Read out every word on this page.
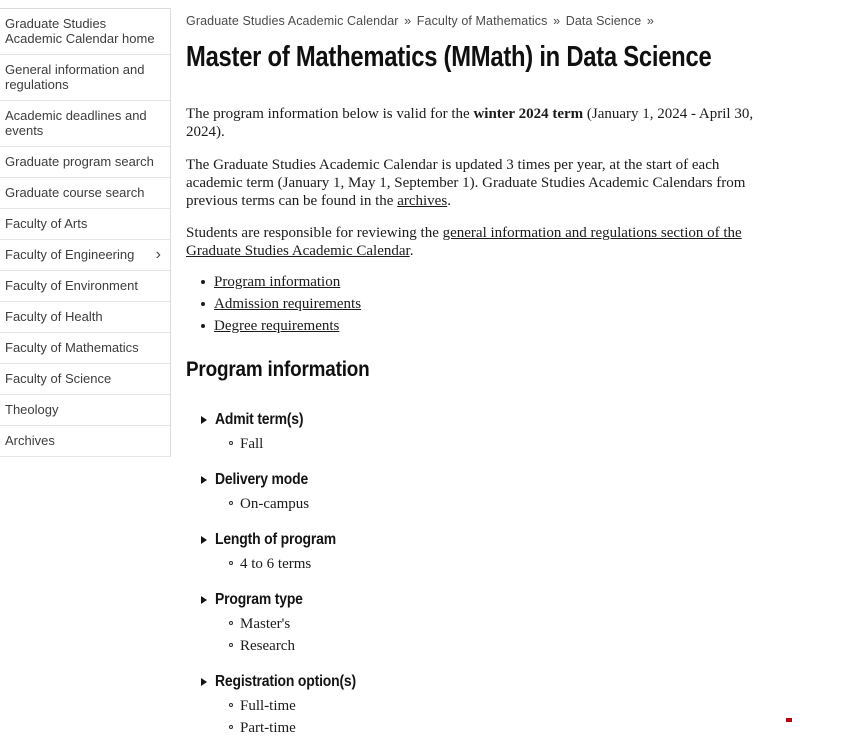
Graduate Studies Academic Calendar home
General information and regulations
Academic deadlines and events
Graduate program search
Graduate course search
Faculty of Arts
Faculty of Engineering ›
Faculty of Environment
Faculty of Health
Faculty of Mathematics
Faculty of Science
Theology
Archives
Graduate Studies Academic Calendar » Faculty of Mathematics » Data Science »
Master of Mathematics (MMath) in Data Science

The program information below is valid for the winter 2024 term (January 1, 2024 - April 30, 2024).

The Graduate Studies Academic Calendar is updated 3 times per year, at the start of each academic term (January 1, May 1, September 1). Graduate Studies Academic Calendars from previous terms can be found in the archives.

Students are responsible for reviewing the general information and regulations section of the Graduate Studies Academic Calendar.

Program information
Admission requirements
Degree requirements
Program information
Admit term(s)
Fall
Delivery mode
On-campus
Length of program
4 to 6 terms
Program type
Master's
Research
Registration option(s)
Full-time
Part-time
